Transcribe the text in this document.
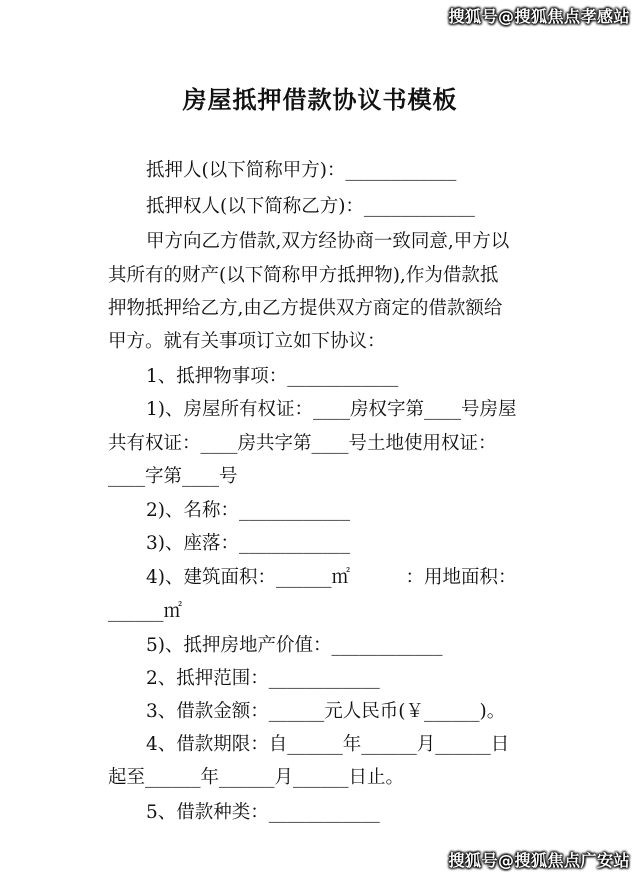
搜狐号@搜狐焦点孝感站
房屋抵押借款协议书模板
抵押人(以下简称甲方)：____________
抵押权人(以下简称乙方)：____________
甲方向乙方借款,双方经协商一致同意,甲方以
其所有的财产(以下简称甲方抵押物),作为借款抵
押物抵押给乙方,由乙方提供双方商定的借款额给
甲方。就有关事项订立如下协议：
1、抵押物事项：____________
1)、房屋所有权证：____房权字第____号房屋
共有权证：____房共字第____号土地使用权证：
____字第____号
2)、名称：____________
3)、座落：____________
4)、建筑面积：______㎡　　　：用地面积：
______㎡
5)、抵押房地产价值：____________
2、抵押范围：____________
3、借款金额：______元人民币(￥______)。
4、借款期限：自______年______月______日
起至______年______月______日止。
5、借款种类：____________
搜狐号@搜狐焦点广安站
